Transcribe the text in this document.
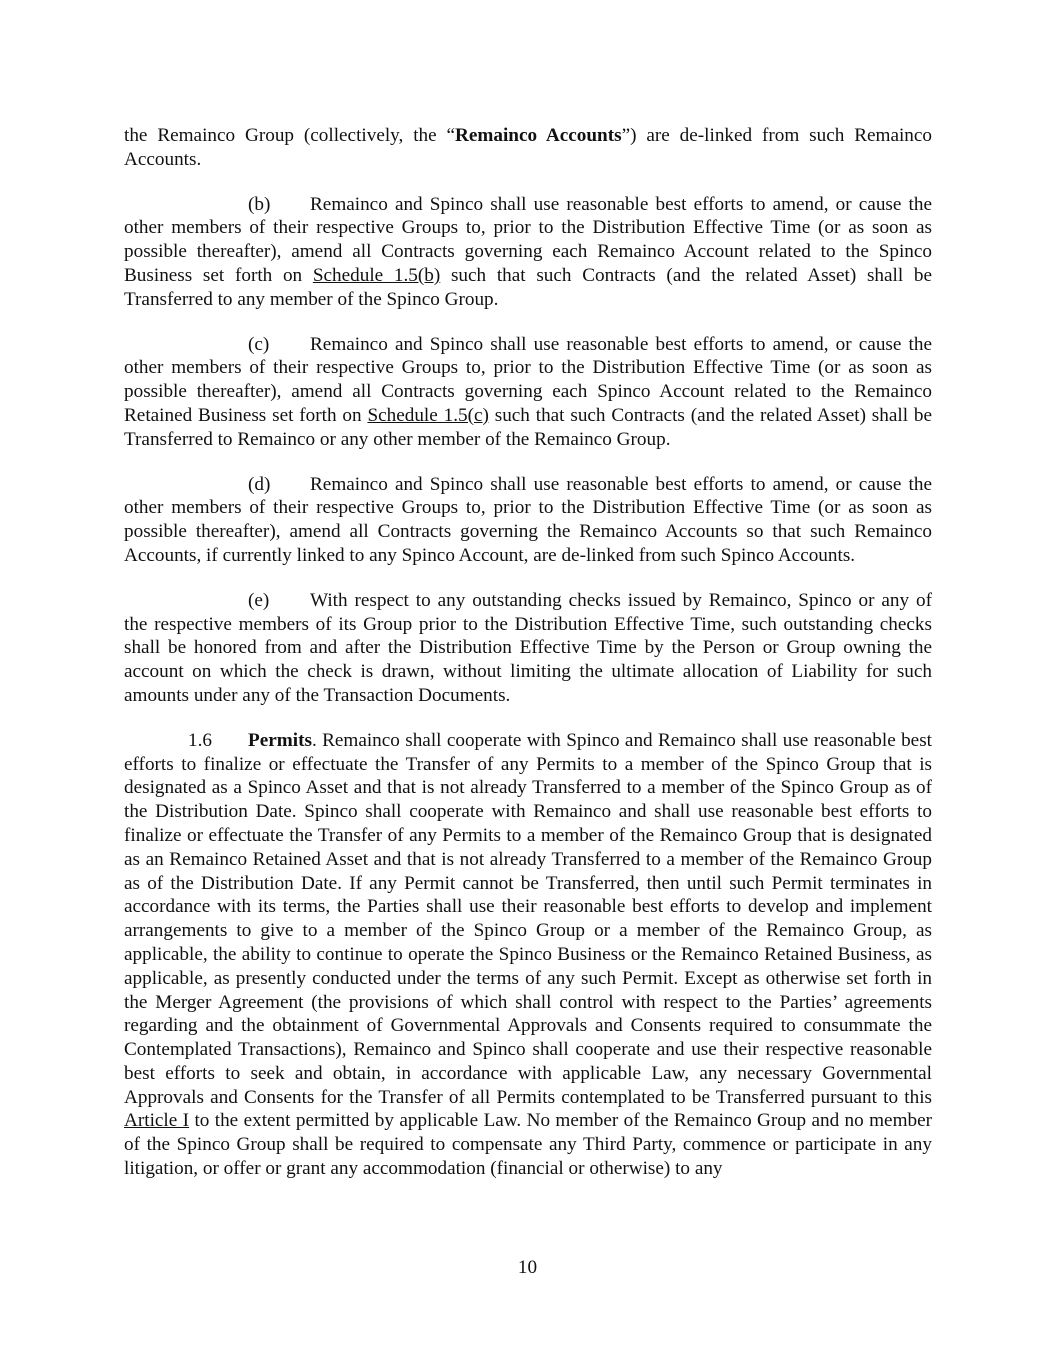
the Remainco Group (collectively, the “Remainco Accounts”) are de-linked from such Remainco Accounts.

(b) Remainco and Spinco shall use reasonable best efforts to amend, or cause the other members of their respective Groups to, prior to the Distribution Effective Time (or as soon as possible thereafter), amend all Contracts governing each Remainco Account related to the Spinco Business set forth on Schedule 1.5(b) such that such Contracts (and the related Asset) shall be Transferred to any member of the Spinco Group.

(c) Remainco and Spinco shall use reasonable best efforts to amend, or cause the other members of their respective Groups to, prior to the Distribution Effective Time (or as soon as possible thereafter), amend all Contracts governing each Spinco Account related to the Remainco Retained Business set forth on Schedule 1.5(c) such that such Contracts (and the related Asset) shall be Transferred to Remainco or any other member of the Remainco Group.

(d) Remainco and Spinco shall use reasonable best efforts to amend, or cause the other members of their respective Groups to, prior to the Distribution Effective Time (or as soon as possible thereafter), amend all Contracts governing the Remainco Accounts so that such Remainco Accounts, if currently linked to any Spinco Account, are de-linked from such Spinco Accounts.

(e) With respect to any outstanding checks issued by Remainco, Spinco or any of the respective members of its Group prior to the Distribution Effective Time, such outstanding checks shall be honored from and after the Distribution Effective Time by the Person or Group owning the account on which the check is drawn, without limiting the ultimate allocation of Liability for such amounts under any of the Transaction Documents.

1.6 Permits. Remainco shall cooperate with Spinco and Remainco shall use reasonable best efforts to finalize or effectuate the Transfer of any Permits to a member of the Spinco Group that is designated as a Spinco Asset and that is not already Transferred to a member of the Spinco Group as of the Distribution Date. Spinco shall cooperate with Remainco and shall use reasonable best efforts to finalize or effectuate the Transfer of any Permits to a member of the Remainco Group that is designated as an Remainco Retained Asset and that is not already Transferred to a member of the Remainco Group as of the Distribution Date. If any Permit cannot be Transferred, then until such Permit terminates in accordance with its terms, the Parties shall use their reasonable best efforts to develop and implement arrangements to give to a member of the Spinco Group or a member of the Remainco Group, as applicable, the ability to continue to operate the Spinco Business or the Remainco Retained Business, as applicable, as presently conducted under the terms of any such Permit. Except as otherwise set forth in the Merger Agreement (the provisions of which shall control with respect to the Parties’ agreements regarding and the obtainment of Governmental Approvals and Consents required to consummate the Contemplated Transactions), Remainco and Spinco shall cooperate and use their respective reasonable best efforts to seek and obtain, in accordance with applicable Law, any necessary Governmental Approvals and Consents for the Transfer of all Permits contemplated to be Transferred pursuant to this Article I to the extent permitted by applicable Law. No member of the Remainco Group and no member of the Spinco Group shall be required to compensate any Third Party, commence or participate in any litigation, or offer or grant any accommodation (financial or otherwise) to any

10
